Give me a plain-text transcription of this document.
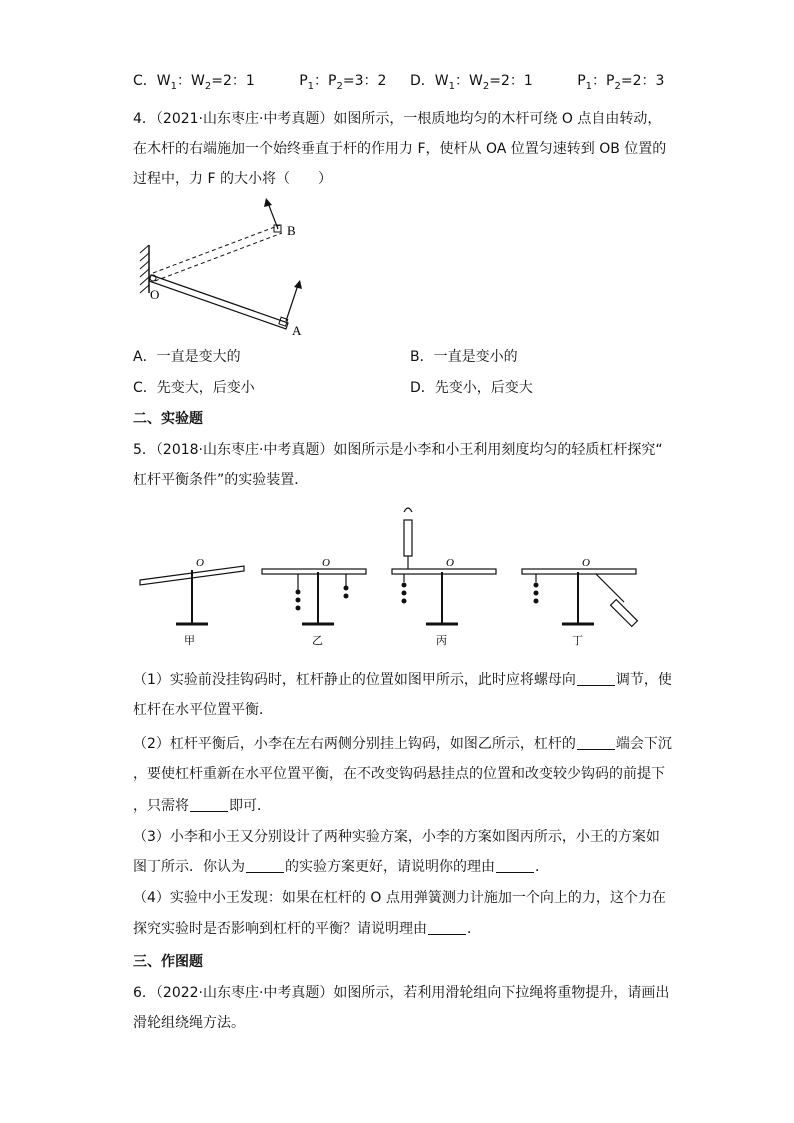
C．$W_1$：$W_2=2$：1	$P_1$：$P_2=3$：2 D．$W_1$：$W_2=2$：1	$P_1$：$P_2=2$：3
4．（2021·山东枣庄·中考真题）如图所示，一根质地均匀的木杆可绕 O 点自由转动，
在木杆的右端施加一个始终垂直于杆的作用力 F，使杆从 OA 位置匀速转到 OB 位置的
过程中，力 F 的大小将（　　）
B
O
A
A．一直是变大的	B．一直是变小的
C．先变大，后变小	D．先变小，后变大
二、实验题
5．（2018·山东枣庄·中考真题）如图所示是小李和小王利用刻度均匀的轻质杠杆探究“
杠杆平衡条件”的实验装置．
O	O	O	O
甲	乙	丙	丁
（1）实验前没挂钩码时，杠杆静止的位置如图甲所示，此时应将螺母向	调节，使
杠杆在水平位置平衡．
（2）杠杆平衡后，小李在左右两侧分别挂上钩码，如图乙所示，杠杆的	端会下沉
，要使杠杆重新在水平位置平衡，在不改变钩码悬挂点的位置和改变较少钩码的前提下
，只需将	即可．
（3）小李和小王又分别设计了两种实验方案，小李的方案如图丙所示，小王的方案如
图丁所示．你认为	的实验方案更好，请说明你的理由	．
（4）实验中小王发现：如果在杠杆的 O 点用弹簧测力计施加一个向上的力，这个力在
探究实验时是否影响到杠杆的平衡？请说明理由	．
三、作图题
6．（2022·山东枣庄·中考真题）如图所示，若利用滑轮组向下拉绳将重物提升，请画出
滑轮组绕绳方法。
